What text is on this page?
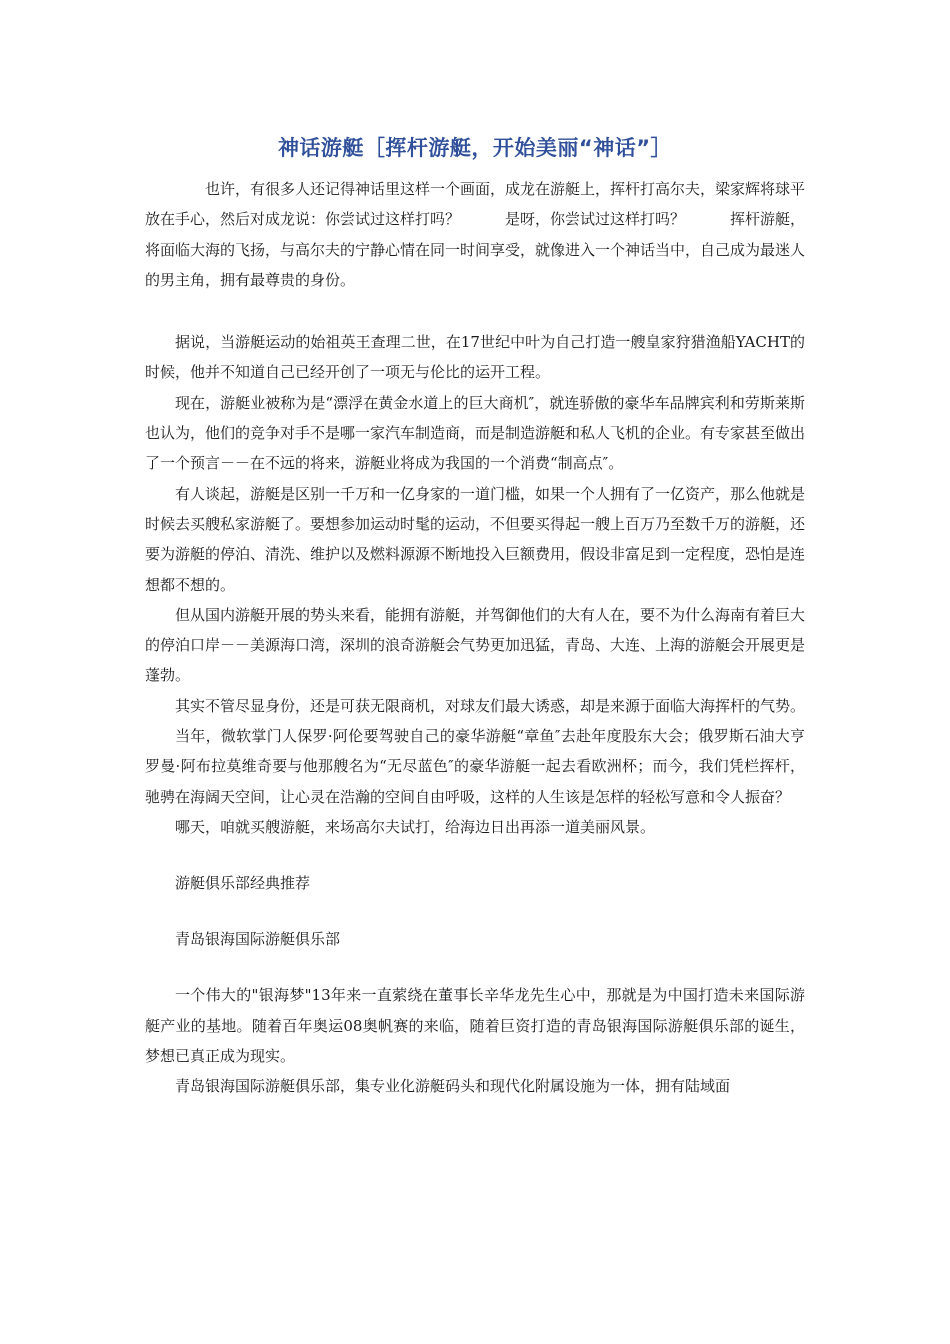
神话游艇［挥杆游艇，开始美丽“神话”］

也许，有很多人还记得神话里这样一个画面，成龙在游艇上，挥杆打高尔夫，梁家辉将球平放在手心，然后对成龙说：你尝试过这样打吗？　　　是呀，你尝试过这样打吗？　　　挥杆游艇，将面临大海的飞扬，与高尔夫的宁静心情在同一时间享受，就像进入一个神话当中，自己成为最迷人的男主角，拥有最尊贵的身份。

据说，当游艇运动的始祖英王查理二世，在17世纪中叶为自己打造一艘皇家狩猎渔船YACHT的时候，他并不知道自己已经开创了一项无与伦比的运开工程。

现在，游艇业被称为是“漂浮在黄金水道上的巨大商机″，就连骄傲的豪华车品牌宾利和劳斯莱斯也认为，他们的竞争对手不是哪一家汽车制造商，而是制造游艇和私人飞机的企业。有专家甚至做出了一个预言－－在不远的将来，游艇业将成为我国的一个消费“制高点″。

有人谈起，游艇是区别一千万和一亿身家的一道门槛，如果一个人拥有了一亿资产，那么他就是时候去买艘私家游艇了。要想参加运动时髦的运动，不但要买得起一艘上百万乃至数千万的游艇，还要为游艇的停泊、清洗、维护以及燃料源源不断地投入巨额费用，假设非富足到一定程度，恐怕是连想都不想的。

但从国内游艇开展的势头来看，能拥有游艇，并驾御他们的大有人在，要不为什么海南有着巨大的停泊口岸－－美源海口湾，深圳的浪奇游艇会气势更加迅猛，青岛、大连、上海的游艇会开展更是蓬勃。

其实不管尽显身份，还是可获无限商机，对球友们最大诱惑，却是来源于面临大海挥杆的气势。

当年，微软掌门人保罗·阿伦要驾驶自己的豪华游艇“章鱼″去赴年度股东大会；俄罗斯石油大亨罗曼·阿布拉莫维奇要与他那艘名为“无尽蓝色″的豪华游艇一起去看欧洲杯；而今，我们凭栏挥杆，驰骋在海阔天空间，让心灵在浩瀚的空间自由呼吸，这样的人生该是怎样的轻松写意和令人振奋？

哪天，咱就买艘游艇，来场高尔夫试打，给海边日出再添一道美丽风景。

游艇俱乐部经典推荐

青岛银海国际游艇俱乐部

一个伟大的"银海梦"13年来一直萦绕在董事长辛华龙先生心中，那就是为中国打造未来国际游艇产业的基地。随着百年奥运08奥帆赛的来临，随着巨资打造的青岛银海国际游艇俱乐部的诞生，梦想已真正成为现实。

青岛银海国际游艇俱乐部，集专业化游艇码头和现代化附属设施为一体，拥有陆域面
